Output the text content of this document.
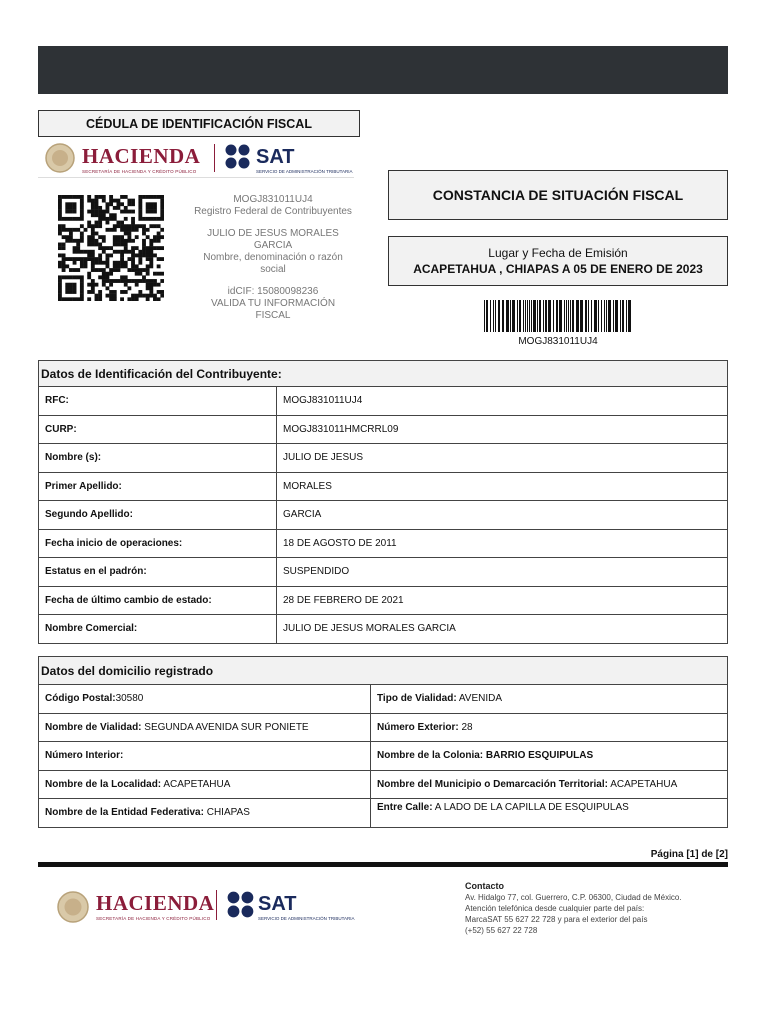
CÉDULA DE IDENTIFICACIÓN FISCAL
HACIENDA
SECRETARÍA DE HACIENDA Y CRÉDITO PÚBLICO
SAT
SERVICIO DE ADMINISTRACIÓN TRIBUTARIA
MOGJ831011UJ4
Registro Federal de Contribuyentes
JULIO DE JESUS MORALES
GARCIA
Nombre, denominación o razón
social
idCIF: 15080098236
VALIDA TU INFORMACIÓN
FISCAL
CONSTANCIA DE SITUACIÓN FISCAL
Lugar y Fecha de Emisión
ACAPETAHUA , CHIAPAS A 05 DE ENERO DE 2023
MOGJ831011UJ4
Datos de Identificación del Contribuyente:	
RFC:	MOGJ831011UJ4
CURP:	MOGJ831011HMCRRL09
Nombre (s):	JULIO DE JESUS
Primer Apellido:	MORALES
Segundo Apellido:	GARCIA
Fecha inicio de operaciones:	18 DE AGOSTO DE 2011
Estatus en el padrón:	SUSPENDIDO
Fecha de último cambio de estado:	28 DE FEBRERO DE 2021
Nombre Comercial:	JULIO DE JESUS MORALES GARCIA
Datos del domicilio registrado	
Código Postal:30580	Tipo de Vialidad: AVENIDA
Nombre de Vialidad: SEGUNDA AVENIDA SUR PONIETE	Número Exterior: 28
Número Interior:	Nombre de la Colonia: BARRIO ESQUIPULAS
Nombre de la Localidad: ACAPETAHUA	Nombre del Municipio o Demarcación Territorial: ACAPETAHUA
Nombre de la Entidad Federativa: CHIAPAS	Entre Calle: A LADO DE LA CAPILLA DE ESQUIPULAS
Página [1] de [2]
HACIENDA
SECRETARÍA DE HACIENDA Y CRÉDITO PÚBLICO
SAT
SERVICIO DE ADMINISTRACIÓN TRIBUTARIA
Contacto
Av. Hidalgo 77, col. Guerrero, C.P. 06300, Ciudad de México.
Atención telefónica desde cualquier parte del país:
MarcaSAT 55 627 22 728 y para el exterior del país
(+52) 55 627 22 728
